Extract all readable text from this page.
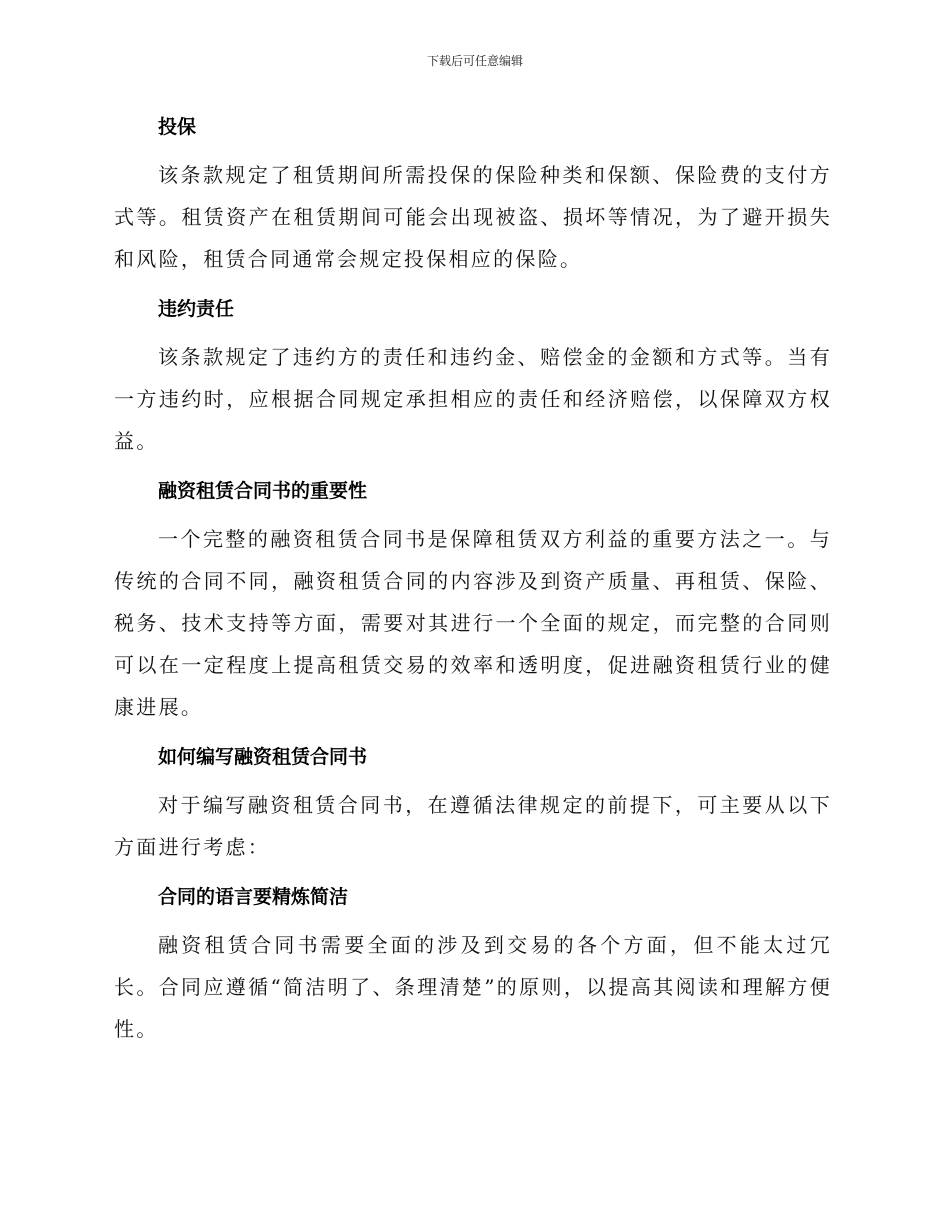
下载后可任意编辑
投保

该条款规定了租赁期间所需投保的保险种类和保额、保险费的支付方式等。租赁资产在租赁期间可能会出现被盗、损坏等情况，为了避开损失和风险，租赁合同通常会规定投保相应的保险。

违约责任

该条款规定了违约方的责任和违约金、赔偿金的金额和方式等。当有一方违约时，应根据合同规定承担相应的责任和经济赔偿，以保障双方权益。

融资租赁合同书的重要性

一个完整的融资租赁合同书是保障租赁双方利益的重要方法之一。与传统的合同不同，融资租赁合同的内容涉及到资产质量、再租赁、保险、税务、技术支持等方面，需要对其进行一个全面的规定，而完整的合同则可以在一定程度上提高租赁交易的效率和透明度，促进融资租赁行业的健康进展。

如何编写融资租赁合同书

对于编写融资租赁合同书，在遵循法律规定的前提下，可主要从以下方面进行考虑：

合同的语言要精炼简洁

融资租赁合同书需要全面的涉及到交易的各个方面，但不能太过冗长。合同应遵循“简洁明了、条理清楚”的原则，以提高其阅读和理解方便性。
